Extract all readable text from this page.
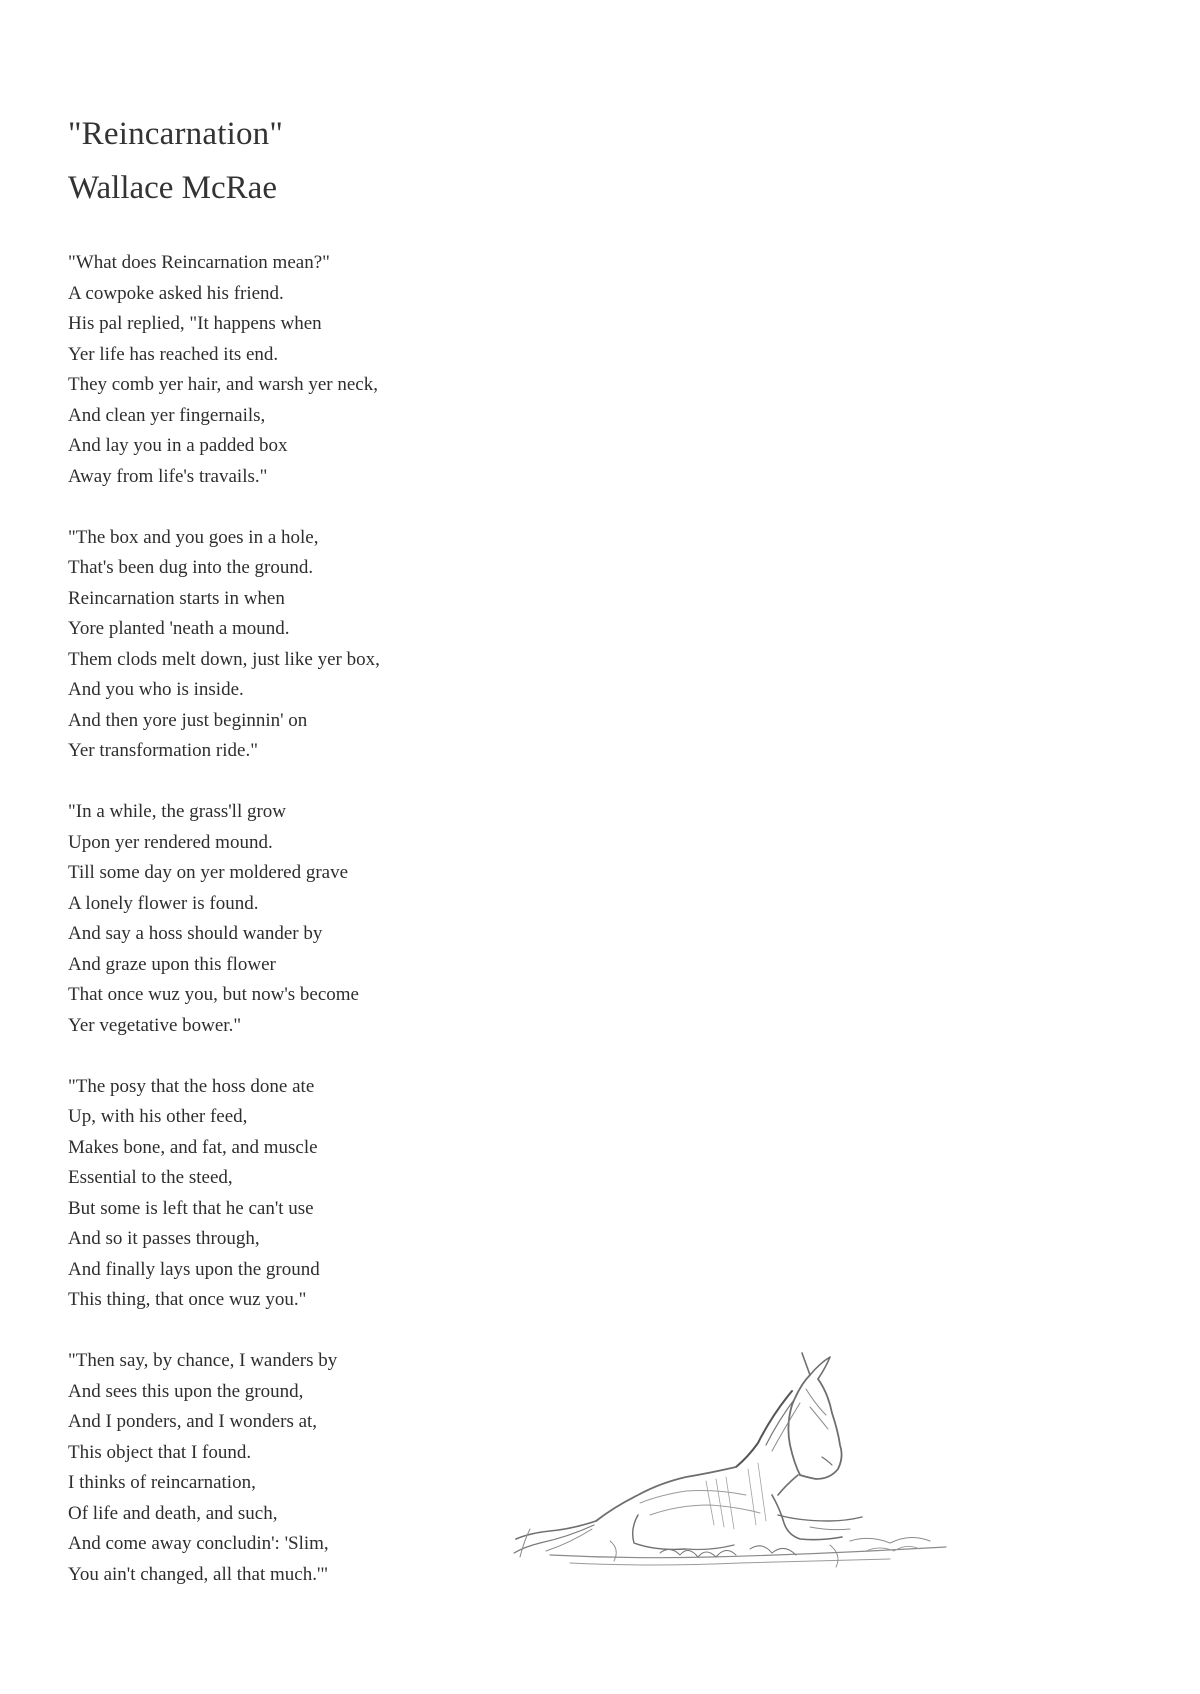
"Reincarnation"
Wallace McRae
"What does Reincarnation mean?"
A cowpoke asked his friend.
His pal replied, "It happens when
Yer life has reached its end.
They comb yer hair, and warsh yer neck,
And clean yer fingernails,
And lay you in a padded box
Away from life's travails."
"The box and you goes in a hole,
That's been dug into the ground.
Reincarnation starts in when
Yore planted 'neath a mound.
Them clods melt down, just like yer box,
And you who is inside.
And then yore just beginnin' on
Yer transformation ride."
"In a while, the grass'll grow
Upon yer rendered mound.
Till some day on yer moldered grave
A lonely flower is found.
And say a hoss should wander by
And graze upon this flower
That once wuz you, but now's become
Yer vegetative bower."
"The posy that the hoss done ate
Up, with his other feed,
Makes bone, and fat, and muscle
Essential to the steed,
But some is left that he can't use
And so it passes through,
And finally lays upon the ground
This thing, that once wuz you."
"Then say, by chance, I wanders by
And sees this upon the ground,
And I ponders, and I wonders at,
This object that I found.
I thinks of reincarnation,
Of life and death, and such,
And come away concludin': 'Slim,
You ain't changed, all that much.'"
